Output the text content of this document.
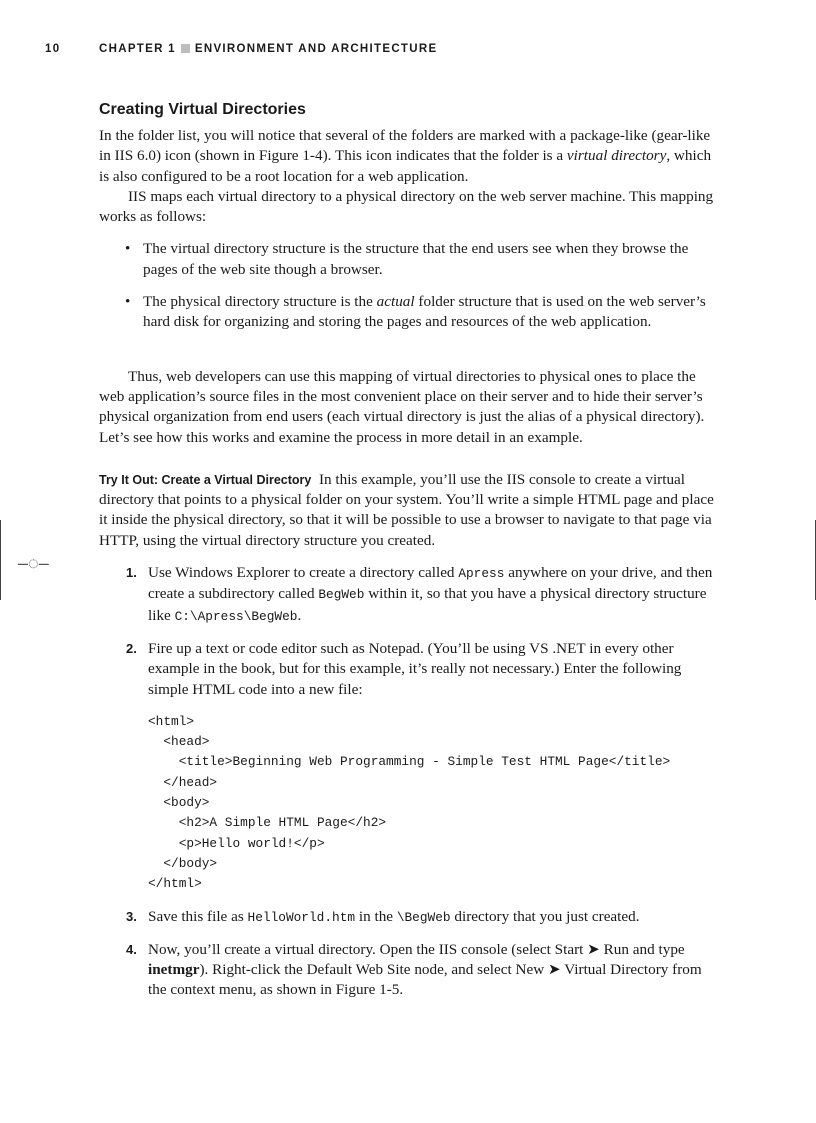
10	CHAPTER 1 ENVIRONMENT AND ARCHITECTURE
–◌–
Creating Virtual Directories

In the folder list, you will notice that several of the folders are marked with a package-like (gear-like in IIS 6.0) icon (shown in Figure 1-4). This icon indicates that the folder is a virtual directory, which is also configured to be a root location for a web application.

IIS maps each virtual directory to a physical directory on the web server machine. This mapping works as follows:

• The virtual directory structure is the structure that the end users see when they browse the pages of the web site though a browser.
• The physical directory structure is the actual folder structure that is used on the web server’s hard disk for organizing and storing the pages and resources of the web application.

Thus, web developers can use this mapping of virtual directories to physical ones to place the web application’s source files in the most convenient place on their server and to hide their server’s physical organization from end users (each virtual directory is just the alias of a physical directory). Let’s see how this works and examine the process in more detail in an example.

Try It Out: Create a Virtual Directory In this example, you’ll use the IIS console to create a virtual directory that points to a physical folder on your system. You’ll write a simple HTML page and place it inside the physical directory, so that it will be possible to use a browser to navigate to that page via HTTP, using the virtual directory structure you created.

1. Use Windows Explorer to create a directory called Apress anywhere on your drive, and then create a subdirectory called BegWeb within it, so that you have a physical directory structure like C:\Apress\BegWeb.
2. Fire up a text or code editor such as Notepad. (You’ll be using VS .NET in every other example in the book, but for this example, it’s really not necessary.) Enter the following simple HTML code into a new file:
<html>
<head>
<title>Beginning Web Programming - Simple Test HTML Page</title>
</head>
<body>
<h2>A Simple HTML Page</h2>
<p>Hello world!</p>
</body>
</html>
3. Save this file as HelloWorld.htm in the \BegWeb directory that you just created.
4. Now, you’ll create a virtual directory. Open the IIS console (select Start ➤ Run and type inetmgr). Right-click the Default Web Site node, and select New ➤ Virtual Directory from the context menu, as shown in Figure 1-5.
